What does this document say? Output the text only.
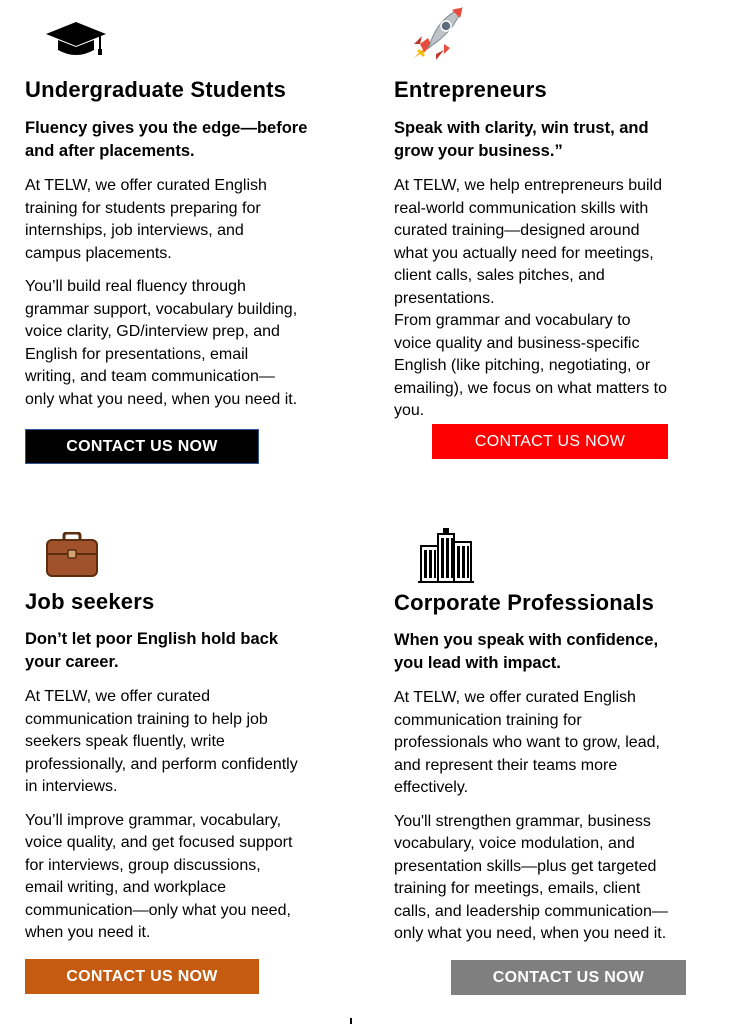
Undergraduate Students
Fluency gives you the edge—before
and after placements.

At TELW, we offer curated English
training for students preparing for
internships, job interviews, and
campus placements.

You’ll build real fluency through
grammar support, vocabulary building,
voice clarity, GD/interview prep, and
English for presentations, email
writing, and team communication—
only what you need, when you need it.

CONTACT US NOW
Entrepreneurs
Speak with clarity, win trust, and
grow your business.”

At TELW, we help entrepreneurs build
real-world communication skills with
curated training—designed around
what you actually need for meetings,
client calls, sales pitches, and
presentations.

From grammar and vocabulary to
voice quality and business-specific
English (like pitching, negotiating, or
emailing), we focus on what matters to
you.

CONTACT US NOW
Job seekers
Don’t let poor English hold back
your career.

At TELW, we offer curated
communication training to help job
seekers speak fluently, write
professionally, and perform confidently
in interviews.

You’ll improve grammar, vocabulary,
voice quality, and get focused support
for interviews, group discussions,
email writing, and workplace
communication—only what you need,
when you need it.

CONTACT US NOW
Corporate Professionals
When you speak with confidence,
you lead with impact.

At TELW, we offer curated English
communication training for
professionals who want to grow, lead,
and represent their teams more
effectively.

You'll strengthen grammar, business
vocabulary, voice modulation, and
presentation skills—plus get targeted
training for meetings, emails, client
calls, and leadership communication—
only what you need, when you need it.

CONTACT US NOW
